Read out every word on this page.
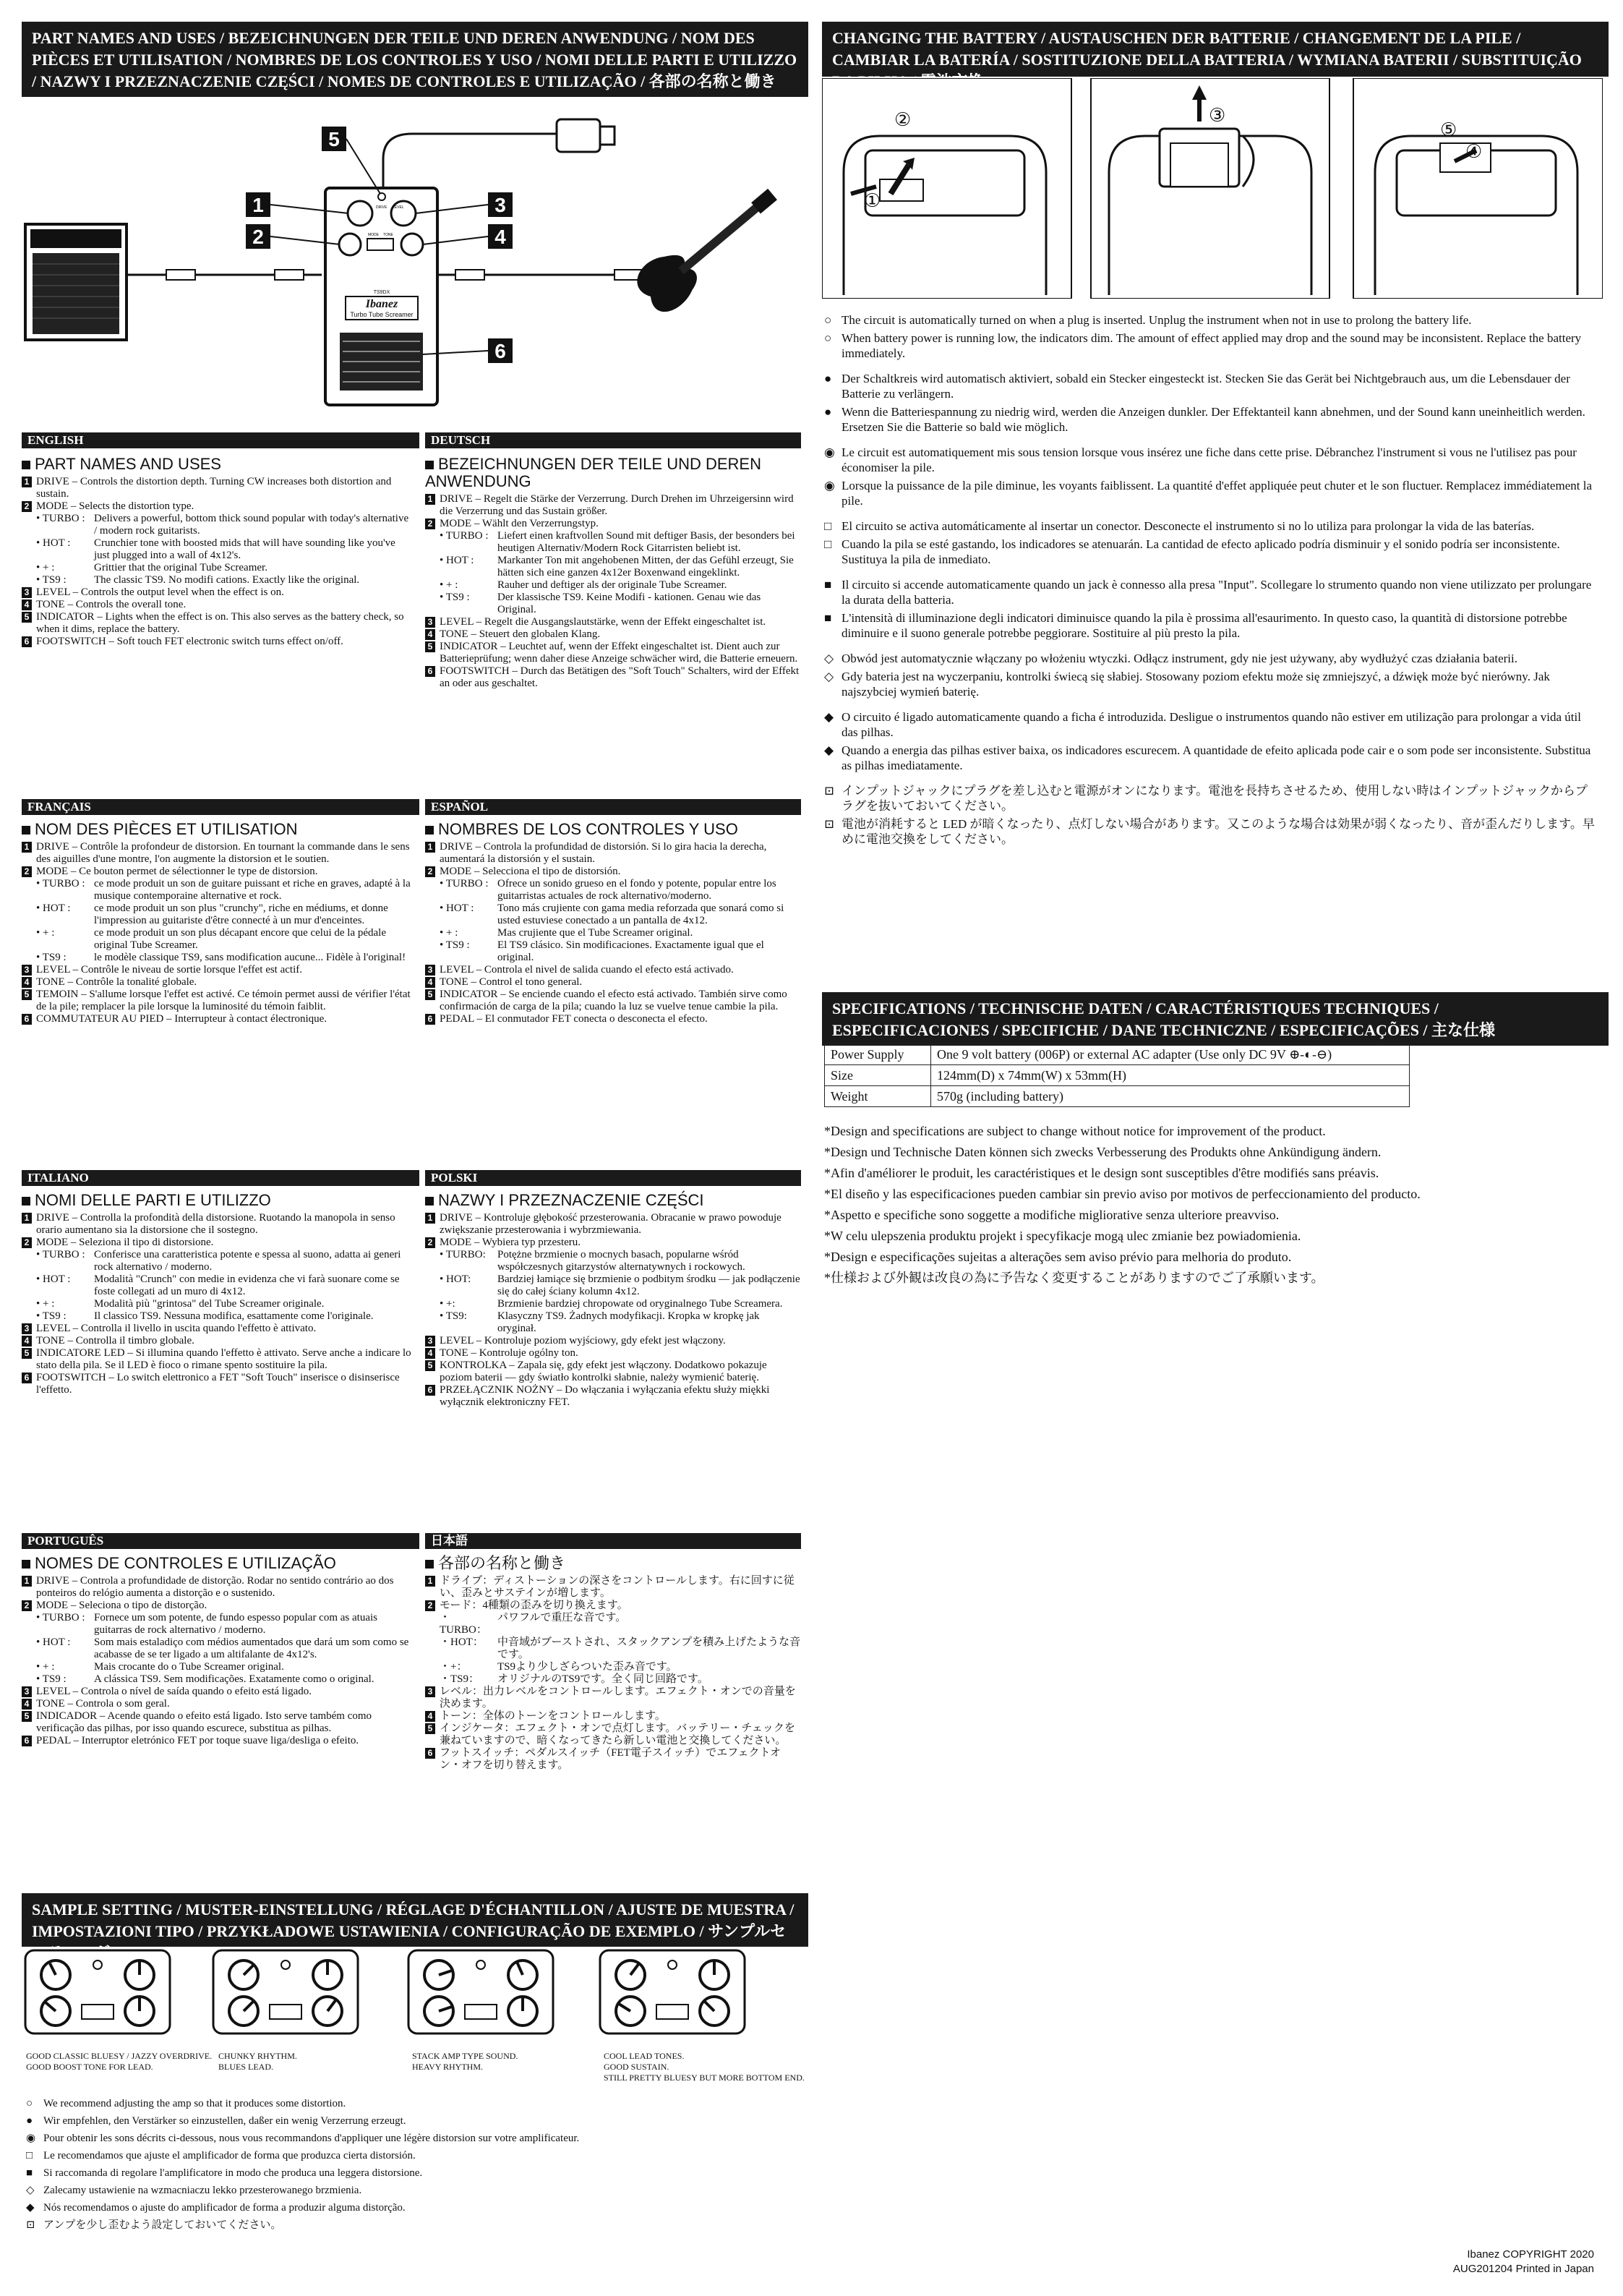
PART NAMES AND USES / BEZEICHNUNGEN DER TEILE UND DEREN ANWENDUNG / NOM DES PIÈCES ET UTILISATION / NOMBRES DE LOS CONTROLES Y USO / NOMI DELLE PARTI E UTILIZZO / NAZWY I PRZEZNACZENIE CZĘŚCI / NOMES DE CONTROLES E UTILIZAÇÃO / 各部の名称と働き
Ibanez
Turbo Tube Screamer
TS9DX
DRIVE LEVEL
MODE TONE
5
1
2
3
4
6
ENGLISH
PART NAMES AND USES
1 DRIVE – Controls the distortion depth. Turning CW increases both distortion and sustain.
2 MODE – Selects the distortion type.
• TURBO : Delivers a powerful, bottom thick sound popular with today's alternative / modern rock guitarists.
• HOT :	Crunchier tone with boosted mids that will have sounding like you've just plugged into a wall of 4x12's.
• + :	Grittier that the original Tube Screamer.
• TS9 :	The classic TS9. No modifi cations. Exactly like the original.
3 LEVEL – Controls the output level when the effect is on.
4 TONE – Controls the overall tone.
5 INDICATOR – Lights when the effect is on. This also serves as the battery check, so when it dims, replace the battery.
6 FOOTSWITCH – Soft touch FET electronic switch turns effect on/off.
DEUTSCH
BEZEICHNUNGEN DER TEILE UND DEREN ANWENDUNG
1 DRIVE – Regelt die Stärke der Verzerrung. Durch Drehen im Uhrzeigersinn wird die Verzerrung und das Sustain größer.
2 MODE – Wählt den Verzerrungstyp.
• TURBO : Liefert einen kraftvollen Sound mit deftiger Basis, der besonders bei heutigen Alternativ/Modern Rock Gitarristen beliebt ist.
• HOT :	Markanter Ton mit angehobenen Mitten, der das Gefühl erzeugt, Sie hätten sich eine ganzen 4x12er Boxenwand eingeklinkt.
• + :	Rauher und deftiger als der originale Tube Screamer.
• TS9 :	Der klassische TS9. Keine Modifi - kationen. Genau wie das Original.
3 LEVEL – Regelt die Ausgangslautstärke, wenn der Effekt eingeschaltet ist.
4 TONE – Steuert den globalen Klang.
5 INDICATOR – Leuchtet auf, wenn der Effekt eingeschaltet ist. Dient auch zur Batterieprüfung; wenn daher diese Anzeige schwächer wird, die Batterie erneuern.
6 FOOTSWITCH – Durch das Betätigen des "Soft Touch" Schalters, wird der Effekt an oder aus geschaltet.
FRANÇAIS
NOM DES PIÈCES ET UTILISATION
1 DRIVE – Contrôle la profondeur de distorsion. En tournant la commande dans le sens des aiguilles d'une montre, l'on augmente la distorsion et le soutien.
2 MODE – Ce bouton permet de sélectionner le type de distorsion.
• TURBO : ce mode produit un son de guitare puissant et riche en graves, adapté à la musique contemporaine alternative et rock.
• HOT :	ce mode produit un son plus "crunchy", riche en médiums, et donne l'impression au guitariste d'être connecté à un mur d'enceintes.
• + :	ce mode produit un son plus décapant encore que celui de la pédale original Tube Screamer.
• TS9 :	le modèle classique TS9, sans modification aucune... Fidèle à l'original!
3 LEVEL – Contrôle le niveau de sortie lorsque l'effet est actif.
4 TONE – Contrôle la tonalité globale.
5 TEMOIN – S'allume lorsque l'effet est activé. Ce témoin permet aussi de vérifier l'état de la pile; remplacer la pile lorsque la luminosité du témoin faiblit.
6 COMMUTATEUR AU PIED – Interrupteur à contact électronique.
ESPAÑOL
NOMBRES DE LOS CONTROLES Y USO
1 DRIVE – Controla la profundidad de distorsión. Si lo gira hacia la derecha, aumentará la distorsión y el sustain.
2 MODE – Selecciona el tipo de distorsión.
• TURBO : Ofrece un sonido grueso en el fondo y potente, popular entre los guitarristas actuales de rock alternativo/moderno.
• HOT :	Tono más crujiente con gama media reforzada que sonará como si usted estuviese conectado a un pantalla de 4x12.
• + :	Mas crujiente que el Tube Screamer original.
• TS9 :	El TS9 clásico. Sin modificaciones. Exactamente igual que el original.
3 LEVEL – Controla el nivel de salida cuando el efecto está activado.
4 TONE – Control el tono general.
5 INDICATOR – Se enciende cuando el efecto está activado. También sirve como confirmación de carga de la pila; cuando la luz se vuelve tenue cambie la pila.
6 PEDAL – El conmutador FET conecta o desconecta el efecto.
ITALIANO
NOMI DELLE PARTI E UTILIZZO
1 DRIVE – Controlla la profondità della distorsione. Ruotando la manopola in senso orario aumentano sia la distorsione che il sostegno.
2 MODE – Seleziona il tipo di distorsione.
• TURBO : Conferisce una caratteristica potente e spessa al suono, adatta ai generi rock alternativo / moderno.
• HOT :	Modalità "Crunch" con medie in evidenza che vi farà suonare come se foste collegati ad un muro di 4x12.
• + :	Modalità più "grintosa" del Tube Screamer originale.
• TS9 :	Il classico TS9. Nessuna modifica, esattamente come l'originale.
3 LEVEL – Controlla il livello in uscita quando l'effetto è attivato.
4 TONE – Controlla il timbro globale.
5 INDICATORE LED – Si illumina quando l'effetto è attivato. Serve anche a indicare lo stato della pila. Se il LED è fioco o rimane spento sostituire la pila.
6 FOOTSWITCH – Lo switch elettronico a FET "Soft Touch" inserisce o disinserisce l'effetto.
POLSKI
NAZWY I PRZEZNACZENIE CZĘŚCI
1 DRIVE – Kontroluje głębokość przesterowania. Obracanie w prawo powoduje zwiększanie przesterowania i wybrzmiewania.
2 MODE – Wybiera typ przesteru.
• TURBO:	Potężne brzmienie o mocnych basach, popularne wśród współczesnych gitarzystów alternatywnych i rockowych.
• HOT:	Bardziej łamiące się brzmienie o podbitym środku — jak podłączenie się do całej ściany kolumn 4x12.
• +:	Brzmienie bardziej chropowate od oryginalnego Tube Screamera.
• TS9:	Klasyczny TS9. Żadnych modyfikacji. Kropka w kropkę jak oryginał.
3 LEVEL – Kontroluje poziom wyjściowy, gdy efekt jest włączony.
4 TONE – Kontroluje ogólny ton.
5 KONTROLKA – Zapala się, gdy efekt jest włączony. Dodatkowo pokazuje poziom baterii — gdy światło kontrolki słabnie, należy wymienić baterię.
6 PRZEŁĄCZNIK NOŻNY – Do włączania i wyłączania efektu służy miękki wyłącznik elektroniczny FET.
PORTUGUÊS
NOMES DE CONTROLES E UTILIZAÇÃO
1 DRIVE – Controla a profundidade de distorção. Rodar no sentido contrário ao dos ponteiros do relógio aumenta a distorção e o sustenido.
2 MODE – Seleciona o tipo de distorção.
• TURBO : Fornece um som potente, de fundo espesso popular com as atuais guitarras de rock alternativo / moderno.
• HOT :	Som mais estaladiço com médios aumentados que dará um som como se acabasse de se ter ligado a um altifalante de 4x12's.
• + :	Mais crocante do o Tube Screamer original.
• TS9 :	A clássica TS9. Sem modificações. Exatamente como o original.
3 LEVEL – Controla o nível de saída quando o efeito está ligado.
4 TONE – Controla o som geral.
5 INDICADOR – Acende quando o efeito está ligado. Isto serve também como verificação das pilhas, por isso quando escurece, substitua as pilhas.
6 PEDAL – Interruptor eletrónico FET por toque suave liga/desliga o efeito.
日本語
各部の名称と働き
1 ドライブ：ディストーションの深さをコントロールします。右に回すに従い、歪みとサステインが増します。
2 モード：4種類の歪みを切り換えます。
・TURBO：
パワフルで重圧な音です。
・HOT：	中音域がブーストされ、スタックアンプを積み上げたような音です。
・+：	TS9より少しざらついた歪み音です。
・TS9：	オリジナルのTS9です。全く同じ回路です。
3 レベル：出力レベルをコントロールします。エフェクト・オンでの音量を決めます。
4 トーン：全体のトーンをコントロールします。
5 インジケータ：エフェクト・オンで点灯します。バッテリー・チェックを兼ねていますので、暗くなってきたら新しい電池と交換してください。
6 フットスイッチ：ペダルスイッチ（FET電子スイッチ）でエフェクトオン・オフを切り替えます。
CHANGING THE BATTERY / AUSTAUSCHEN DER BATTERIE / CHANGEMENT DE LA PILE / CAMBIAR LA BATERÍA / SOSTITUZIONE DELLA BATTERIA / WYMIANA BATERII / SUBSTITUIÇÃO
①
②	③
⑤
④

○ The circuit is automatically turned on when a plug is inserted. Unplug the instrument when not in use to prolong the battery life.

○ When battery power is running low, the indicators dim. The amount of effect applied may drop and the sound may be inconsistent. Replace the battery immediately.

● Der Schaltkreis wird automatisch aktiviert, sobald ein Stecker eingesteckt ist. Stecken Sie das Gerät bei Nichtgebrauch aus, um die Lebensdauer der Batterie zu verlängern.

● Wenn die Batteriespannung zu niedrig wird, werden die Anzeigen dunkler. Der Effektanteil kann abnehmen, und der Sound kann uneinheitlich werden. Ersetzen Sie die Batterie so bald wie möglich.

◉ Le circuit est automatiquement mis sous tension lorsque vous insérez une fiche dans cette prise. Débranchez l'instrument si vous ne l'utilisez pas pour économiser la pile.

◉ Lorsque la puissance de la pile diminue, les voyants faiblissent. La quantité d'effet appliquée peut chuter et le son fluctuer. Remplacez immédiatement la pile.

□ El circuito se activa automáticamente al insertar un conector. Desconecte el instrumento si no lo utiliza para prolongar la vida de las baterías.

□ Cuando la pila se esté gastando, los indicadores se atenuarán. La cantidad de efecto aplicado podría disminuir y el sonido podría ser inconsistente. Sustituya la pila de inmediato.

■ Il circuito si accende automaticamente quando un jack è connesso alla presa "Input". Scollegare lo strumento quando non viene utilizzato per prolungare la durata della batteria.

■ L'intensità di illuminazione degli indicatori diminuisce quando la pila è prossima all'esaurimento. In questo caso, la quantità di distorsione potrebbe diminuire e il suono generale potrebbe peggiorare. Sostituire al più presto la pila.

◇ Obwód jest automatycznie włączany po włożeniu wtyczki. Odłącz instrument, gdy nie jest używany, aby wydłużyć czas działania baterii.

◇ Gdy bateria jest na wyczerpaniu, kontrolki świecą się słabiej. Stosowany poziom efektu może się zmniejszyć, a dźwięk może być nierówny. Jak najszybciej wymień baterię.

◆ O circuito é ligado automaticamente quando a ficha é introduzida. Desligue o instrumentos quando não estiver em utilização para prolongar a vida útil das pilhas.

◆ Quando a energia das pilhas estiver baixa, os indicadores escurecem. A quantidade de efeito aplicada pode cair e o som pode ser inconsistente. Substitua as pilhas imediatamente.

⊡ インプットジャックにプラグを差し込むと電源がオンになります。電池を長持ちさせるため、使用しない時はインプットジャックからプラグを抜いておいてください。

⊡ 電池が消耗すると LED が暗くなったり、点灯しない場合があります。又このような場合は効果が弱くなったり、音が歪んだりします。早めに電池交換をしてください。

SPECIFICATIONS / TECHNISCHE DATEN / CARACTÉRISTIQUES TECHNIQUES / ESPECIFICACIONES / SPECIFICHE / DANE TECHNICZNE / ESPECIFICAÇÕES / 主な仕様
Power Supply	One 9 volt battery (006P) or external AC adapter (Use only DC 9V ⊕-◐-⊖)
Size	124mm(D) x 74mm(W) x 53mm(H)
Weight	570g (including battery)
*Design and specifications are subject to change without notice for improvement of the product.
*Design und Technische Daten können sich zwecks Verbesserung des Produkts ohne Ankündigung ändern.
*Afin d'améliorer le produit, les caractéristiques et le design sont susceptibles d'être modifiés sans préavis.
*El diseño y las especificaciones pueden cambiar sin previo aviso por motivos de perfeccionamiento del producto.
*Aspetto e specifiche sono soggette a modifiche migliorative senza ulteriore preavviso.
*W celu ulepszenia produktu projekt i specyfikacje mogą ulec zmianie bez powiadomienia.
*Design e especificações sujeitas a alterações sem aviso prévio para melhoria do produto.
*仕様および外観は改良の為に予告なく変更することがありますのでご了承願います。
SAMPLE SETTING / MUSTER-EINSTELLUNG / RÉGLAGE D'ÉCHANTILLON / AJUSTE DE MUESTRA / IMPOSTAZIONI TIPO / PRZYKŁADOWE USTAWIENIA / CONFIGURAÇÃO DE EXEMPLO / サンプルセ
GOOD CLASSIC BLUESY / JAZZY OVERDRIVE.
GOOD BOOST TONE FOR LEAD.
CHUNKY RHYTHM.
BLUES LEAD.
STACK AMP TYPE SOUND.
HEAVY RHYTHM.
COOL LEAD TONES.
GOOD SUSTAIN.
STILL PRETTY BLUESY BUT MORE BOTTOM END.

○ We recommend adjusting the amp so that it produces some distortion.

● Wir empfehlen, den Verstärker so einzustellen, daßer ein wenig Verzerrung erzeugt.

◉ Pour obtenir les sons décrits ci-dessous, nous vous recommandons d'appliquer une légère distorsion sur votre amplificateur.

□ Le recomendamos que ajuste el amplificador de forma que produzca cierta distorsión.

■ Si raccomanda di regolare l'amplificatore in modo che produca una leggera distorsione.

◇ Zalecamy ustawienie na wzmacniaczu lekko przesterowanego brzmienia.

◆ Nós recomendamos o ajuste do amplificador de forma a produzir alguma distorção.

⊡ アンプを少し歪むよう設定しておいてください。

Ibanez COPYRIGHT 2020
AUG201204 Printed in Japan
